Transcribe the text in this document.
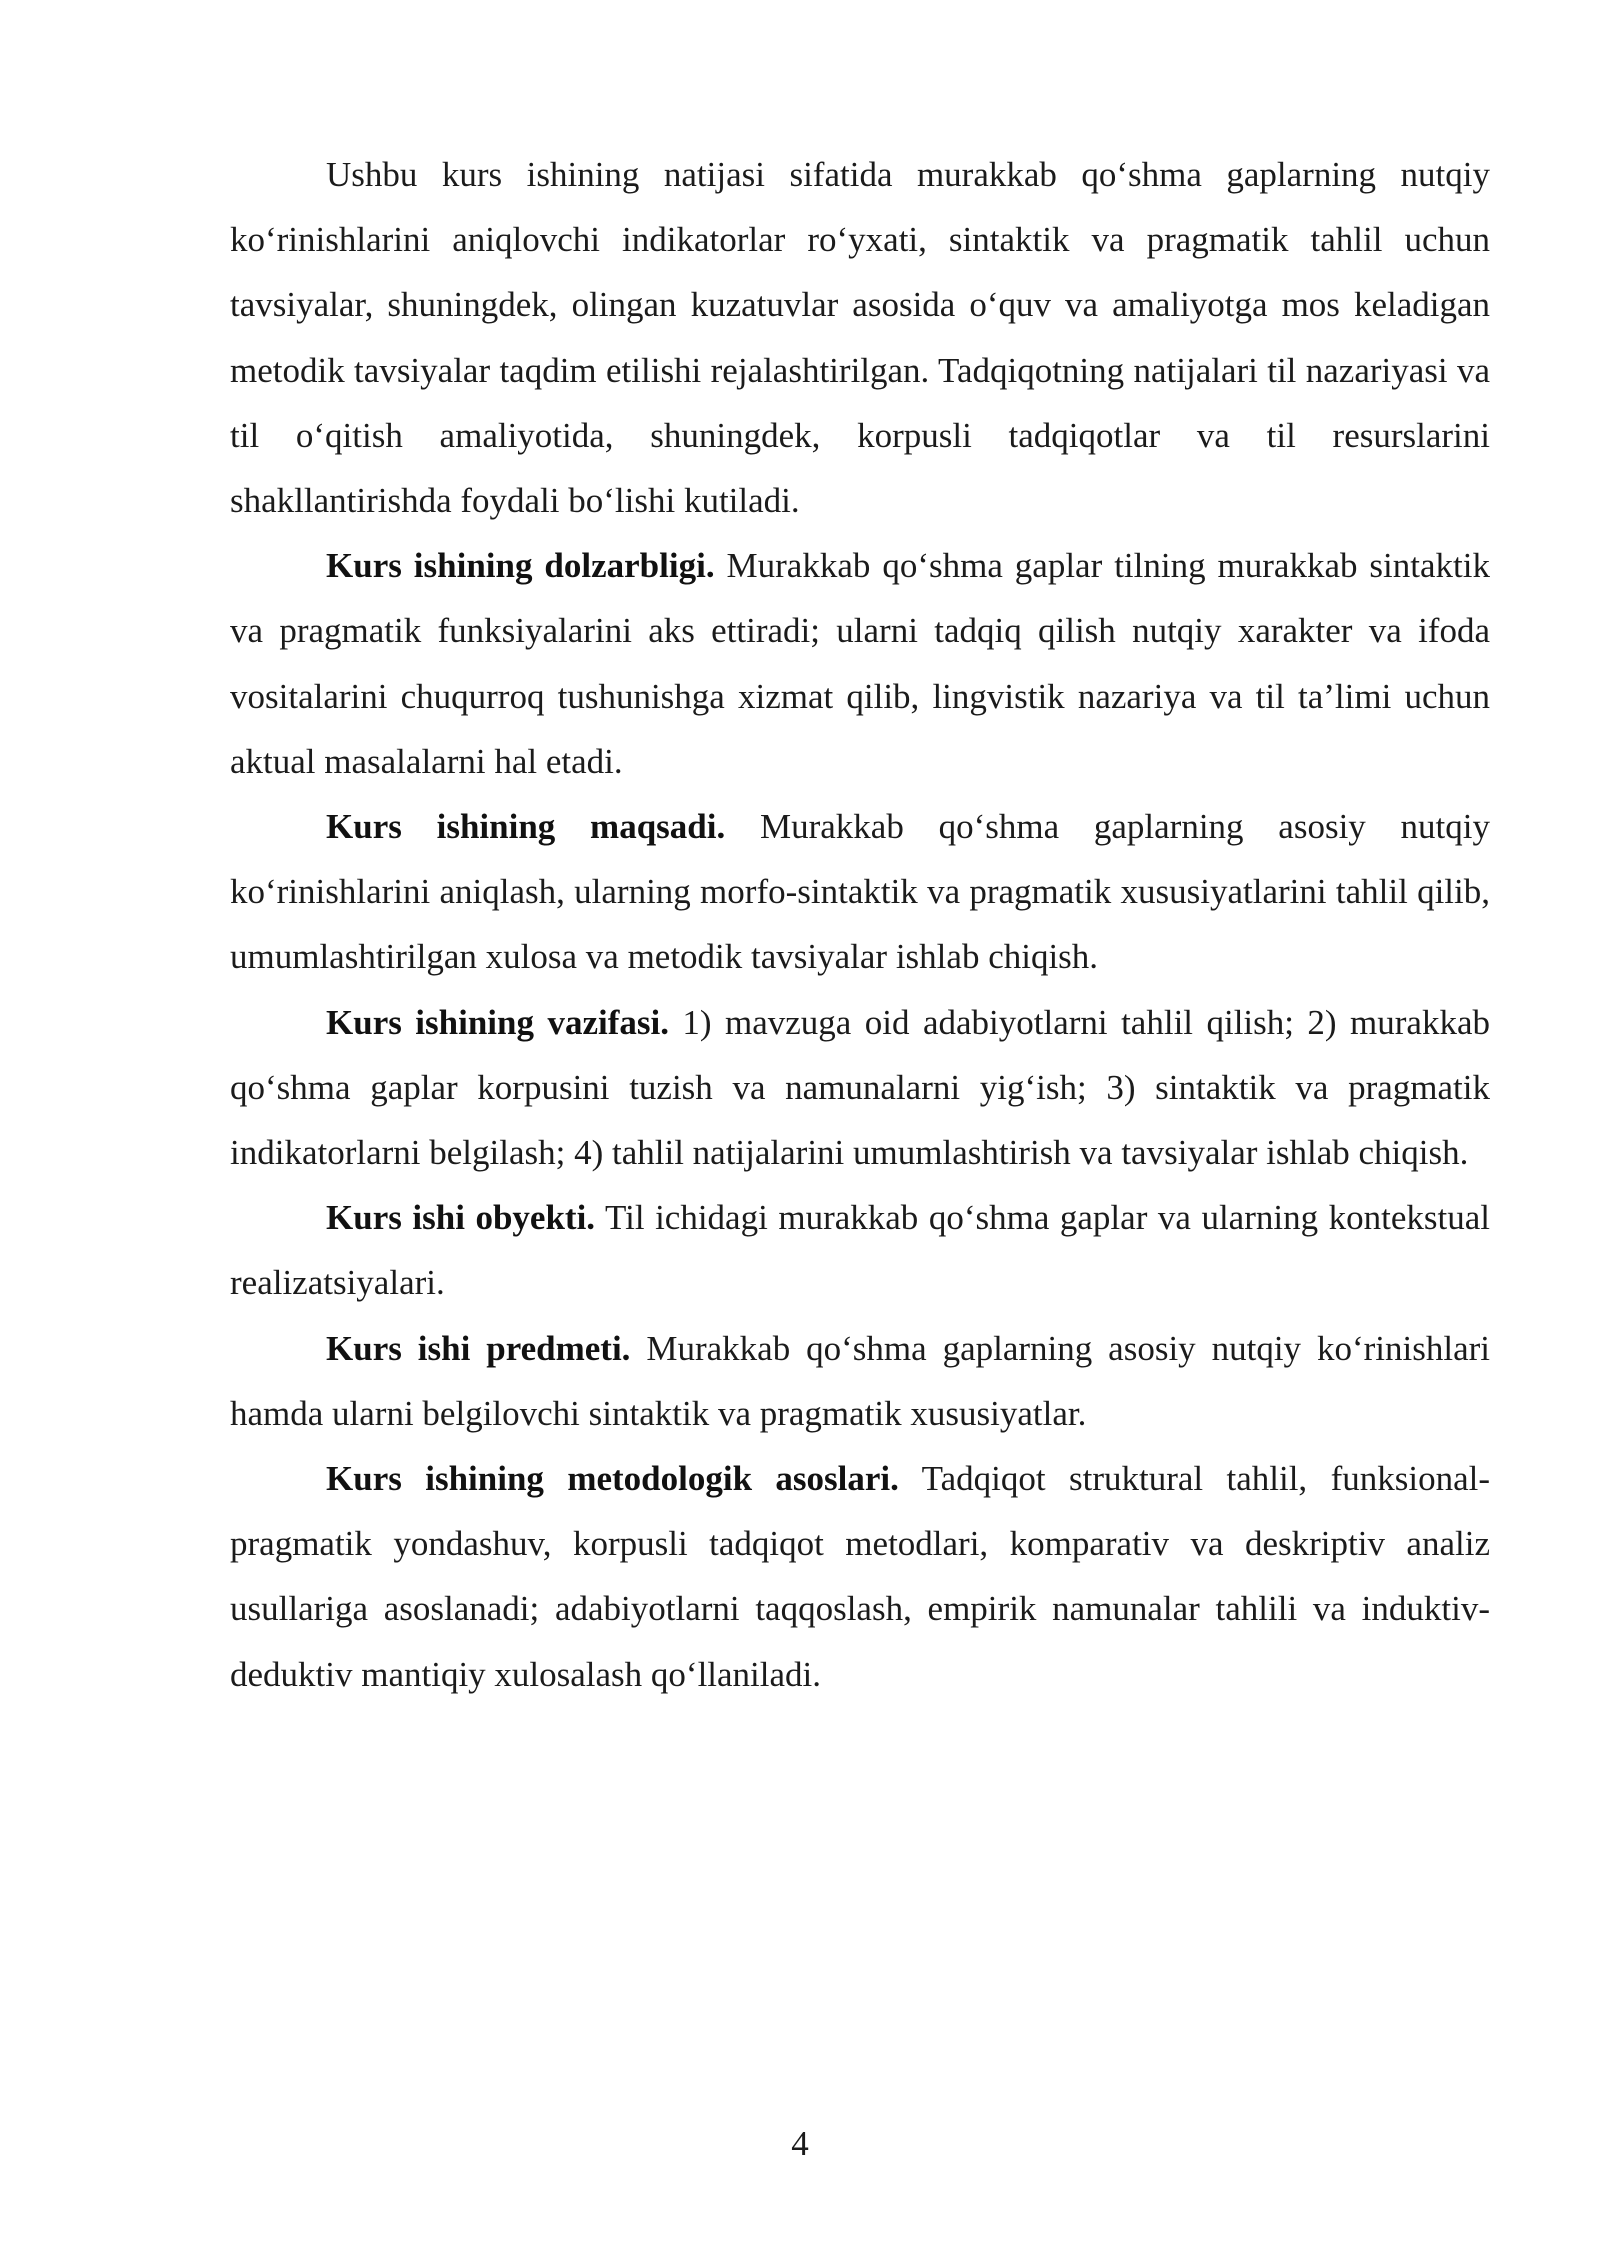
Ushbu kurs ishining natijasi sifatida murakkab qo‘shma gaplarning nutqiy ko‘rinishlarini aniqlovchi indikatorlar ro‘yxati, sintaktik va pragmatik tahlil uchun tavsiyalar, shuningdek, olingan kuzatuvlar asosida o‘quv va amaliyotga mos keladigan metodik tavsiyalar taqdim etilishi rejalashtirilgan. Tadqiqotning natijalari til nazariyasi va til o‘qitish amaliyotida, shuningdek, korpusli tadqiqotlar va til resurslarini shakllantirishda foydali bo‘lishi kutiladi.

Kurs ishining dolzarbligi. Murakkab qo‘shma gaplar tilning murakkab sintaktik va pragmatik funksiyalarini aks ettiradi; ularni tadqiq qilish nutqiy xarakter va ifoda vositalarini chuqurroq tushunishga xizmat qilib, lingvistik nazariya va til ta’limi uchun aktual masalalarni hal etadi.

Kurs ishining maqsadi. Murakkab qo‘shma gaplarning asosiy nutqiy ko‘rinishlarini aniqlash, ularning morfo-sintaktik va pragmatik xususiyatlarini tahlil qilib, umumlashtirilgan xulosa va metodik tavsiyalar ishlab chiqish.

Kurs ishining vazifasi. 1) mavzuga oid adabiyotlarni tahlil qilish; 2) murakkab qo‘shma gaplar korpusini tuzish va namunalarni yig‘ish; 3) sintaktik va pragmatik indikatorlarni belgilash; 4) tahlil natijalarini umumlashtirish va tavsiyalar ishlab chiqish.

Kurs ishi obyekti. Til ichidagi murakkab qo‘shma gaplar va ularning kontekstual realizatsiyalari.

Kurs ishi predmeti. Murakkab qo‘shma gaplarning asosiy nutqiy ko‘rinishlari hamda ularni belgilovchi sintaktik va pragmatik xususiyatlar.

Kurs ishining metodologik asoslari. Tadqiqot struktural tahlil, funksional-pragmatik yondashuv, korpusli tadqiqot metodlari, komparativ va deskriptiv analiz usullariga asoslanadi; adabiyotlarni taqqoslash, empirik namunalar tahlili va induktiv-deduktiv mantiqiy xulosalash qo‘llaniladi.

4
